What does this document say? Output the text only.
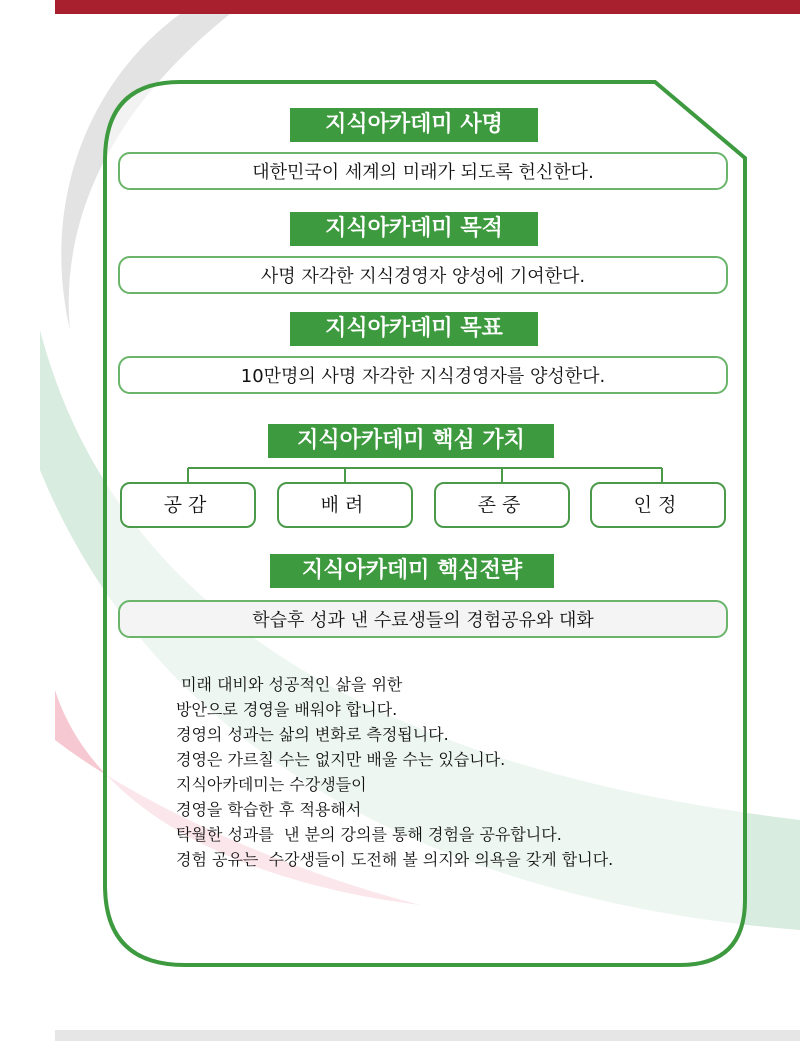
지식아카데미 사명
대한민국이 세계의 미래가 되도록 헌신한다.
지식아카데미 목적
사명 자각한 지식경영자 양성에 기여한다.
지식아카데미 목표
10만명의 사명 자각한 지식경영자를 양성한다.
지식아카데미 핵심 가치
공감	배려	존중	인정
지식아카데미 핵심전략
학습후 성과 낸 수료생들의 경험공유와 대화

미래 대비와 성공적인 삶을 위한

방안으로 경영을 배워야 합니다.

경영의 성과는 삶의 변화로 측정됩니다.

경영은 가르칠 수는 없지만 배울 수는 있습니다.

지식아카데미는 수강생들이

경영을 학습한 후 적용해서

탁월한 성과를  낸 분의 강의를 통해 경험을 공유합니다.

경험 공유는  수강생들이 도전해 볼 의지와 의욕을 갖게 합니다.
